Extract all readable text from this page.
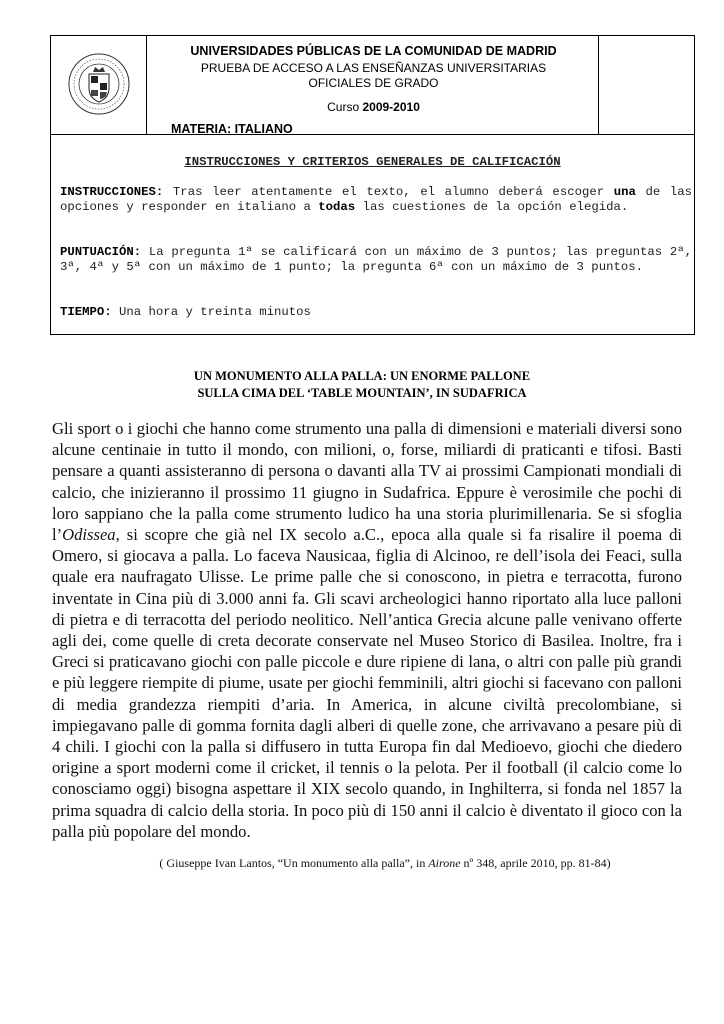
UNIVERSIDADES PÚBLICAS DE LA COMUNIDAD DE MADRID
PRUEBA DE ACCESO A LAS ENSEÑANZAS UNIVERSITARIAS
OFICIALES DE GRADO
Curso 2009-2010
MATERIA: ITALIANO
INSTRUCCIONES Y CRITERIOS GENERALES DE CALIFICACIÓN
INSTRUCCIONES: Tras leer atentamente el texto, el alumno deberá escoger una de las opciones y responder en italiano a todas las cuestiones de la opción elegida.
PUNTUACIÓN: La pregunta 1ª se calificará con un máximo de 3 puntos; las preguntas 2ª, 3ª, 4ª y 5ª con un máximo de 1 punto; la pregunta 6ª con un máximo de 3 puntos.
TIEMPO: Una hora y treinta minutos
UN MONUMENTO ALLA PALLA: UN ENORME PALLONE
SULLA CIMA DEL ‘TABLE MOUNTAIN’, IN SUDAFRICA
Gli sport o i giochi che hanno come strumento una palla di dimensioni e materiali diversi sono alcune centinaie in tutto il mondo, con milioni, o, forse, miliardi di praticanti e tifosi. Basti pensare a quanti assisteranno di persona o davanti alla TV ai prossimi Campionati mondiali di calcio, che inizieranno il prossimo 11 giugno in Sudafrica. Eppure è verosimile che pochi di loro sappiano che la palla come strumento ludico ha una storia plurimillenaria. Se si sfoglia l’Odissea, si scopre che già nel IX secolo a.C., epoca alla quale si fa risalire il poema di Omero, si giocava a palla. Lo faceva Nausicaa, figlia di Alcinoo, re dell’isola dei Feaci, sulla quale era naufragato Ulisse. Le prime palle che si conoscono, in pietra e terracotta, furono inventate in Cina più di 3.000 anni fa. Gli scavi archeologici hanno riportato alla luce palloni di pietra e di terracotta del periodo neolitico. Nell’antica Grecia alcune palle venivano offerte agli dei, come quelle di creta decorate conservate nel Museo Storico di Basilea. Inoltre, fra i Greci si praticavano giochi con palle piccole e dure ripiene di lana, o altri con palle più grandi e più leggere riempite di piume, usate per giochi femminili, altri giochi si facevano con palloni di media grandezza riempiti d’aria. In America, in alcune civiltà precolombiane, si impiegavano palle di gomma fornita dagli alberi di quelle zone, che arrivavano a pesare più di 4 chili. I giochi con la palla si diffusero in tutta Europa fin dal Medioevo, giochi che diedero origine a sport moderni come il cricket, il tennis o la pelota. Per il football (il calcio come lo conosciamo oggi) bisogna aspettare il XIX secolo quando, in Inghilterra, si fonda nel 1857 la prima squadra di calcio della storia. In poco più di 150 anni il calcio è diventato il gioco con la palla più popolare del mondo.
( Giuseppe Ivan Lantos, “Un monumento alla palla”, in Airone nº 348, aprile 2010, pp. 81-84)
